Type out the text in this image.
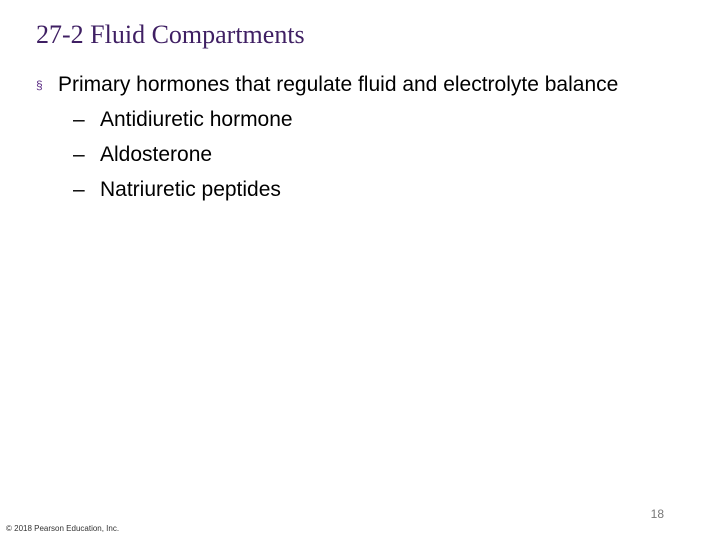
27-2 Fluid Compartments
§ Primary hormones that regulate fluid and electrolyte balance
– Antidiuretic hormone
– Aldosterone
– Natriuretic peptides
18
© 2018 Pearson Education, Inc.
